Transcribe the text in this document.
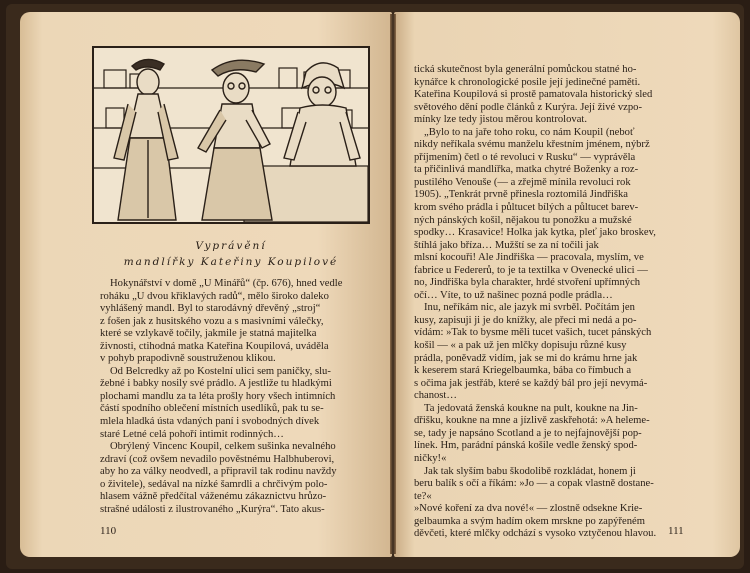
Vyprávění
mandlířky Kateřiny Koupilové
Hokynářství v domě „U Minářů“ (čp. 676), hned vedle
roháku „U dvou křiklavých radů“, mělo široko daleko
vyhlášený mandl. Byl to starodávný dřevěný „stroj“
z fošen jak z husitského vozu a s masivními válečky,
které se vzlykavě točily, jakmile je statná majitelka
živnosti, ctihodná matka Kateřina Koupilová, uváděla
v pohyb prapodivně soustruženou klikou.
Od Belcredky až po Kostelní ulici sem paničky, slu-
žebné i babky nosily své prádlo. A jestliže tu hladkými
plochami mandlu za ta léta prošly hory všech intimních
částí spodního oblečení místních usedlíků, pak tu se-
mlela hladká ústa vdaných paní i svobodných dívek
staré Letné celá pohoří intimit rodinných…
Obrýlený Vincenc Koupil, celkem sušinka nevalného
zdraví (což ovšem nevadilo pověstnému Halbhuberovi,
aby ho za války neodvedl, a připravil tak rodinu navždy
o živitele), sedával na nízké šamrdli a chrčivým polo-
hlasem vážně předčítal váženému zákaznictvu hrůzo-
strašné události z ilustrovaného „Kurýra“. Tato akus-
tická skutečnost byla generální pomůckou statné ho-
kynářce k chronologické posile její jedinečné paměti.
Kateřina Koupilová si prostě pamatovala historický sled
světového dění podle článků z Kurýra. Její živé vzpo-
mínky lze tedy jistou měrou kontrolovat.
„Bylo to na jaře toho roku, co nám Koupil (neboť
nikdy neříkala svému manželu křestním jménem, nýbrž
příjmením) četl o té revoluci v Rusku“ — vyprávěla
ta přičinlivá mandlířka, matka chytré Boženky a roz-
pustilého Venouše (— a zřejmě mínila revoluci rok
1905). „Tenkrát prvně přinesla roztomilá Jindřiška
krom svého prádla i půltucet bílých a půltucet barev-
ných pánských košil, nějakou tu ponožku a mužské
spodky… Krasavice! Holka jak kytka, pleť jako broskev,
štíhlá jako bříza… Mužští se za ní točili jak
mlsní kocouři! Ale Jindřiška — pracovala, myslím, ve
fabrice u Federerů, to je ta textilka v Ovenecké ulici —
no, Jindřiška byla charakter, hrdé stvoření upřímných
očí… Víte, to už našinec pozná podle prádla…
Inu, neříkám nic, ale jazyk mi svrběl. Počítám jen
kusy, zapisuji ji je do knížky, ale přeci mi nedá a po-
vídám: »Tak to bysme měli tucet vašich, tucet pánských
košil — « a pak už jen mlčky dopisuju různé kusy
prádla, poněvadž vidím, jak se mi do krámu hrne jak
k keserem stará Kriegelbaumka, bába co římbuch a
s očima jak jestřáb, které se každý bál pro její nevymá-
chanost…
Ta jedovatá ženská koukne na pult, koukne na Jin-
dřišku, koukne na mne a jízlivě zaskřehotá: »A heleme-
se, tady je napsáno Scotland a je to nejfajnovější pop-
línek. Hm, parádní pánská košile vedle ženský spod-
ničky!«
Jak tak slyším babu škodolibě rozkládat, honem ji
beru balík s očí a říkám: »Jo — a copak vlastně dostane-
te?«
»Nové koření za dva nové!« — zlostně odsekne Krie-
gelbaumka a svým hadím okem mrskne po zapýřeném
děvčeti, které mlčky odchází s vysoko vztyčenou hlavou.
110	111
